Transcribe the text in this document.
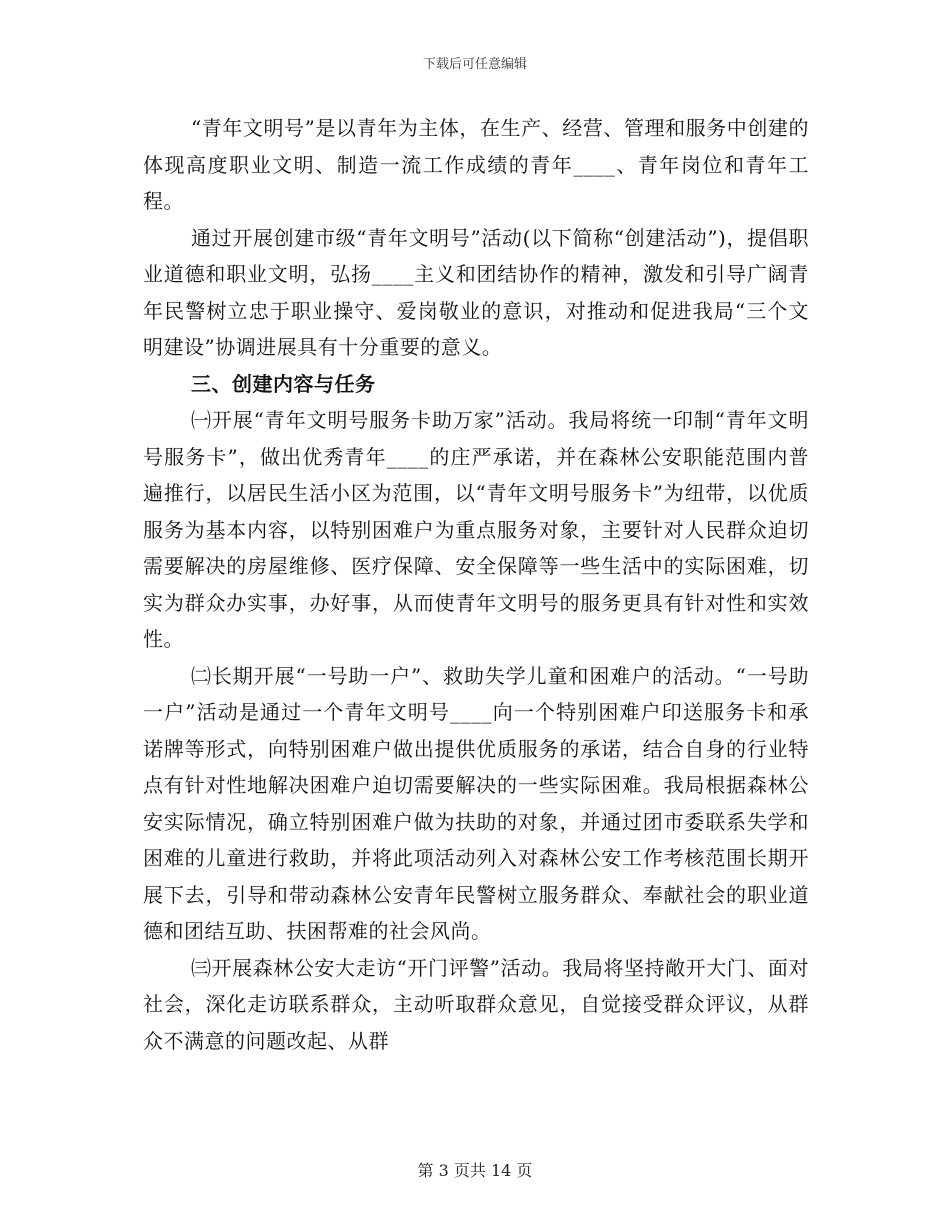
下载后可任意编辑

“青年文明号”是以青年为主体，在生产、经营、管理和服务中创建的体现高度职业文明、制造一流工作成绩的青年____、青年岗位和青年工程。

通过开展创建市级“青年文明号”活动(以下简称“创建活动”)，提倡职业道德和职业文明，弘扬____主义和团结协作的精神，激发和引导广阔青年民警树立忠于职业操守、爱岗敬业的意识，对推动和促进我局“三个文明建设”协调进展具有十分重要的意义。

三、创建内容与任务

㈠开展“青年文明号服务卡助万家”活动。我局将统一印制“青年文明号服务卡”，做出优秀青年____的庄严承诺，并在森林公安职能范围内普遍推行，以居民生活小区为范围，以“青年文明号服务卡”为纽带，以优质服务为基本内容，以特别困难户为重点服务对象，主要针对人民群众迫切需要解决的房屋维修、医疗保障、安全保障等一些生活中的实际困难，切实为群众办实事，办好事，从而使青年文明号的服务更具有针对性和实效性。

㈡长期开展“一号助一户”、救助失学儿童和困难户的活动。“一号助一户”活动是通过一个青年文明号____向一个特别困难户印送服务卡和承诺牌等形式，向特别困难户做出提供优质服务的承诺，结合自身的行业特点有针对性地解决困难户迫切需要解决的一些实际困难。我局根据森林公安实际情况，确立特别困难户做为扶助的对象，并通过团市委联系失学和困难的儿童进行救助，并将此项活动列入对森林公安工作考核范围长期开展下去，引导和带动森林公安青年民警树立服务群众、奉献社会的职业道德和团结互助、扶困帮难的社会风尚。

㈢开展森林公安大走访“开门评警”活动。我局将坚持敞开大门、面对社会，深化走访联系群众，主动听取群众意见，自觉接受群众评议，从群众不满意的问题改起、从群

第 3 页共 14 页
